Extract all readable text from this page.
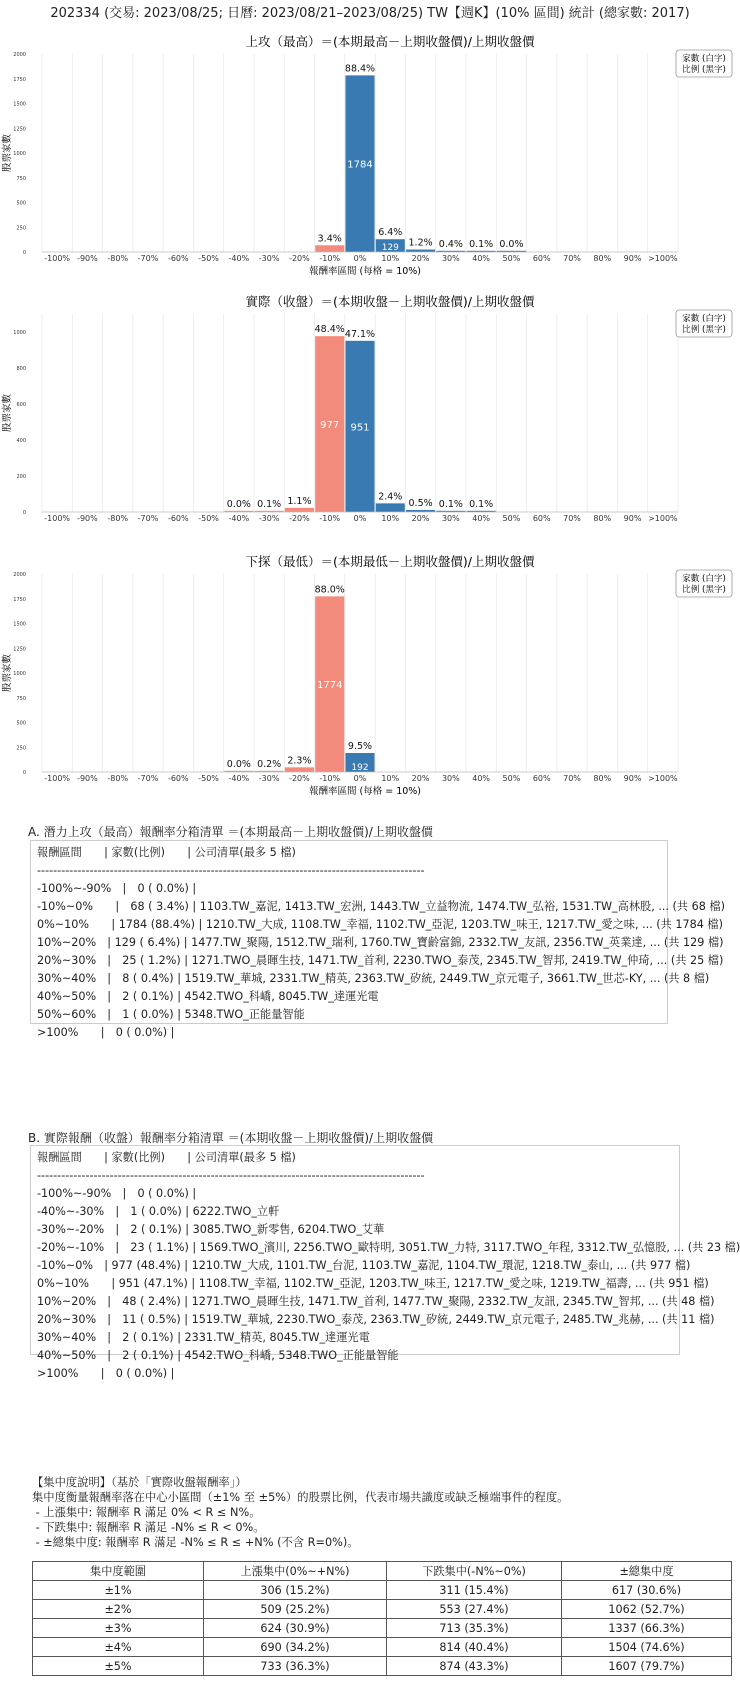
202334 (交易: 2023/08/25; 日曆: 2023/08/21–2023/08/25) TW【週K】(10% 區間) 統計 (總家數: 2017)
上攻（最高）＝(本期最高－上期收盤價)/上期收盤價
0
250
500
750
1000
1250
1500
1750
2000
股票家數
-100% -90% -80% -70% -60% -50% -40% -30% -20%
3.4%
-10%
1784
88.4%
0%
129
6.4%
10%
1.2%
20%
0.4%
30%
0.1%
40%
0.0%
50% 60% 70% 80% 90% >100%
報酬率區間 (每格 = 10%)
家數 (白字)
比例 (黑字)
實際（收盤）＝(本期收盤－上期收盤價)/上期收盤價
0
200
400
600
800
1000
股票家數
-100% -90% -80% -70% -60% -50%
0.0%
-40%
0.1%
-30%
1.1%
-20%
977
48.4%
-10%
951
47.1%
0%
2.4%
10%
0.5%
20%
0.1%
30%
0.1%
40% 50% 60% 70% 80% 90% >100%
家數 (白字)
比例 (黑字)
下探（最低）＝(本期最低－上期收盤價)/上期收盤價
0
250
500
750
1000
1250
1500
1750
2000
股票家數
-100% -90% -80% -70% -60% -50%
0.0%
-40%
0.2%
-30%
2.3%
-20%
1774
88.0%
-10%
192
9.5%
0% 10% 20% 30% 40% 50% 60% 70% 80% 90% >100%
報酬率區間 (每格 = 10%)
家數 (白字)
比例 (黑字)
A. 潛力上攻（最高）報酬率分箱清單 ＝(本期最高－上期收盤價)/上期收盤價
報酬區間　　| 家數(比例)　　| 公司清單(最多 5 檔)
------------------------------------------------------------------------------------------------
-100%~-90%　|　0 ( 0.0%) |
-10%~0%　　|　68 ( 3.4%) | 1103.TW_嘉泥, 1413.TW_宏洲, 1443.TW_立益物流, 1474.TW_弘裕, 1531.TW_高林股, ... (共 68 檔)
0%~10%　　| 1784 (88.4%) | 1210.TW_大成, 1108.TW_幸福, 1102.TW_亞泥, 1203.TW_味王, 1217.TW_愛之味, ... (共 1784 檔)
10%~20%　| 129 ( 6.4%) | 1477.TW_聚陽, 1512.TW_瑞利, 1760.TW_寶齡富錦, 2332.TW_友訊, 2356.TW_英業達, ... (共 129 檔)
20%~30%　|　25 ( 1.2%) | 1271.TWO_晨暉生技, 1471.TW_首利, 2230.TWO_泰茂, 2345.TW_智邦, 2419.TW_仲琦, ... (共 25 檔)
30%~40%　|　8 ( 0.4%) | 1519.TW_華城, 2331.TW_精英, 2363.TW_矽統, 2449.TW_京元電子, 3661.TW_世芯-KY, ... (共 8 檔)
40%~50%　|　2 ( 0.1%) | 4542.TWO_科嶠, 8045.TW_達運光電
50%~60%　|　1 ( 0.0%) | 5348.TWO_正能量智能
>100%　　|　0 ( 0.0%) |
B. 實際報酬（收盤）報酬率分箱清單 ＝(本期收盤－上期收盤價)/上期收盤價
報酬區間　　| 家數(比例)　　| 公司清單(最多 5 檔)
------------------------------------------------------------------------------------------------
-100%~-90%　|　0 ( 0.0%) |
-40%~-30%　|　1 ( 0.0%) | 6222.TWO_立軒
-30%~-20%　|　2 ( 0.1%) | 3085.TWO_新零售, 6204.TWO_艾華
-20%~-10%　|　23 ( 1.1%) | 1569.TWO_濱川, 2256.TWO_歐特明, 3051.TW_力特, 3117.TWO_年程, 3312.TW_弘憶股, ... (共 23 檔)
-10%~0%　| 977 (48.4%) | 1210.TW_大成, 1101.TW_台泥, 1103.TW_嘉泥, 1104.TW_環泥, 1218.TW_泰山, ... (共 977 檔)
0%~10%　　| 951 (47.1%) | 1108.TW_幸福, 1102.TW_亞泥, 1203.TW_味王, 1217.TW_愛之味, 1219.TW_福壽, ... (共 951 檔)
10%~20%　|　48 ( 2.4%) | 1271.TWO_晨暉生技, 1471.TW_首利, 1477.TW_聚陽, 2332.TW_友訊, 2345.TW_智邦, ... (共 48 檔)
20%~30%　|　11 ( 0.5%) | 1519.TW_華城, 2230.TWO_泰茂, 2363.TW_矽統, 2449.TW_京元電子, 2485.TW_兆赫, ... (共 11 檔)
30%~40%　|　2 ( 0.1%) | 2331.TW_精英, 8045.TW_達運光電
40%~50%　|　2 ( 0.1%) | 4542.TWO_科嶠, 5348.TWO_正能量智能
>100%　　|　0 ( 0.0%) |
【集中度說明】（基於「實際收盤報酬率」）
集中度衡量報酬率落在中心小區間（±1% 至 ±5%）的股票比例，代表市場共識度或缺乏極端事件的程度。
- 上漲集中: 報酬率 R 滿足 0% < R ≤ N%。
- 下跌集中: 報酬率 R 滿足 -N% ≤ R < 0%。
- ±總集中度: 報酬率 R 滿足 -N% ≤ R ≤ +N% (不含 R=0%)。
集中度範圍	上漲集中(0%~+N%)	下跌集中(-N%~0%)	±總集中度
±1%	306 (15.2%)	311 (15.4%)	617 (30.6%)
±2%	509 (25.2%)	553 (27.4%)	1062 (52.7%)
±3%	624 (30.9%)	713 (35.3%)	1337 (66.3%)
±4%	690 (34.2%)	814 (40.4%)	1504 (74.6%)
±5%	733 (36.3%)	874 (43.3%)	1607 (79.7%)
